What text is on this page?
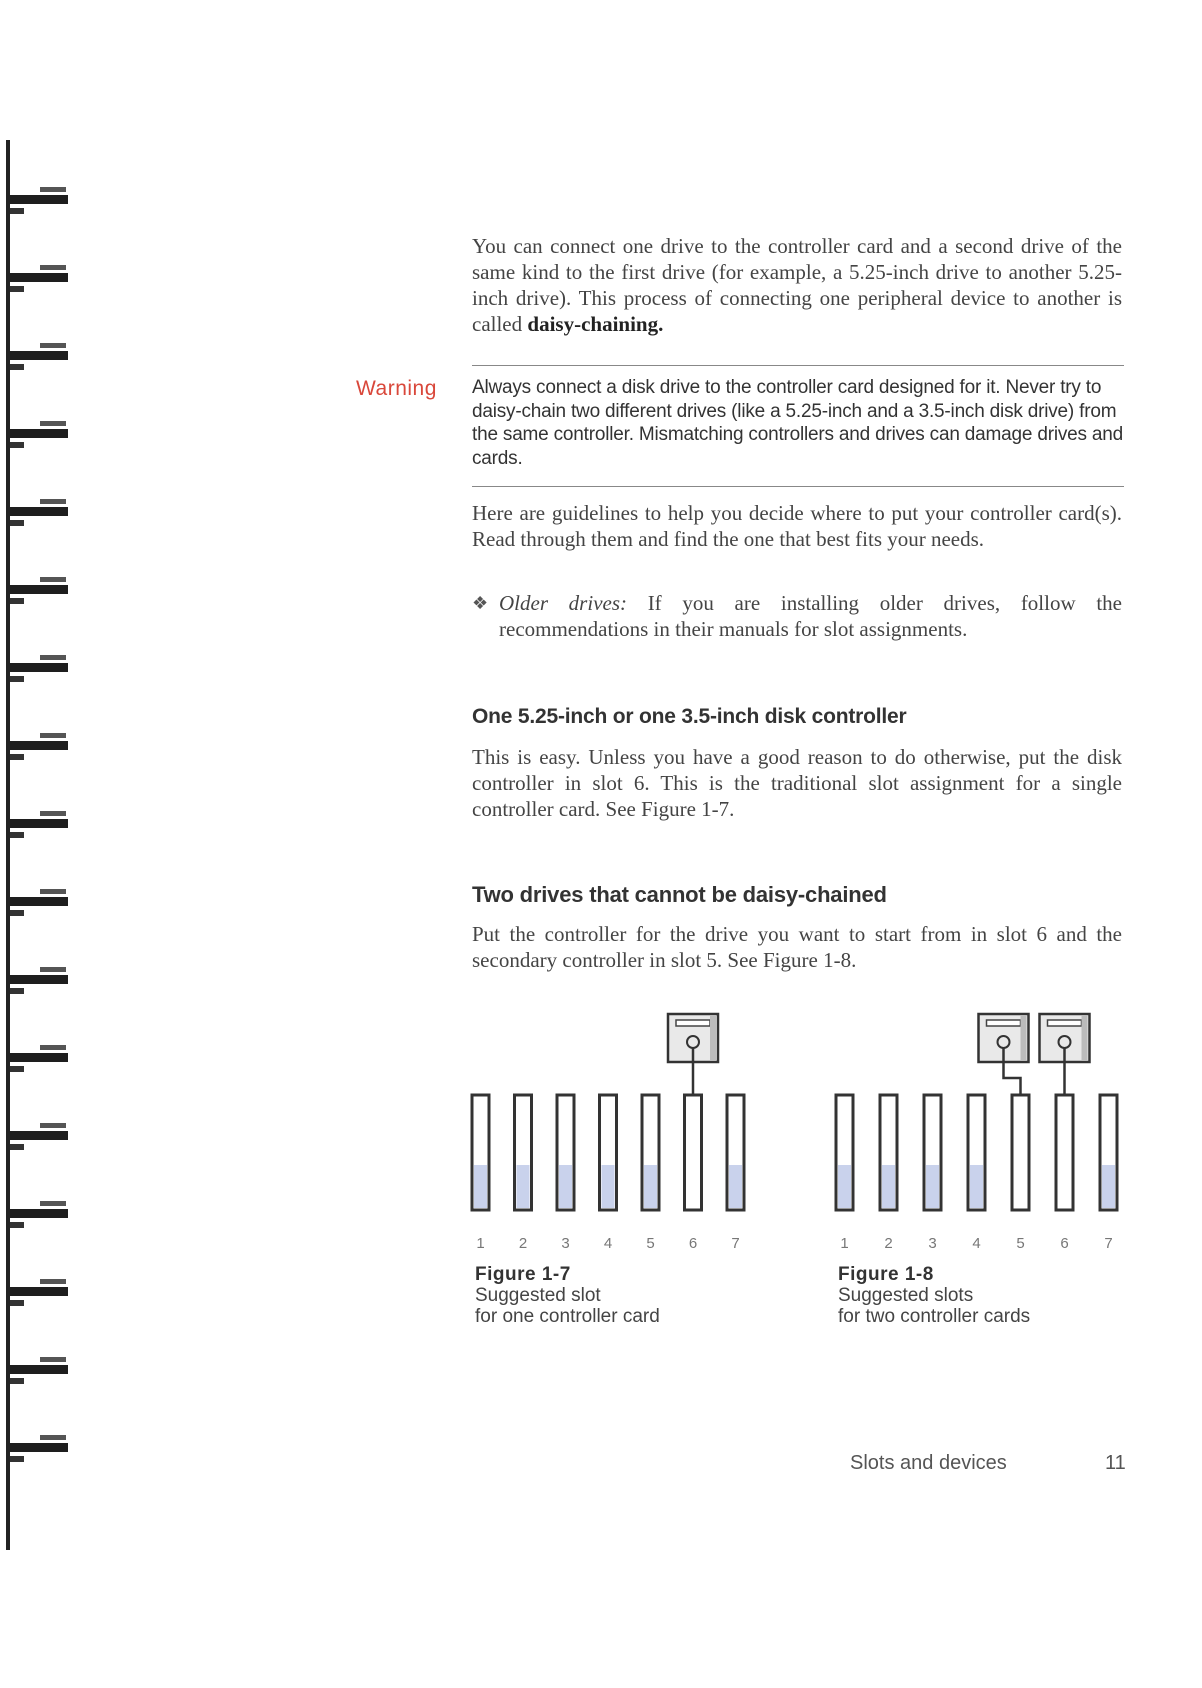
You can connect one drive to the controller card and a second drive of the same kind to the first drive (for example, a 5.25-inch drive to another 5.25-inch drive). This process of connecting one peripheral device to another is called daisy-chaining.
Warning Always connect a disk drive to the controller card designed for it. Never try to daisy-chain two different drives (like a 5.25-inch and a 3.5-inch disk drive) from the same controller. Mismatching controllers and drives can damage drives and cards.
Here are guidelines to help you decide where to put your controller card(s). Read through them and find the one that best fits your needs.
❖ Older drives: If you are installing older drives, follow the recommendations in their manuals for slot assignments.
One 5.25-inch or one 3.5-inch disk controller
This is easy. Unless you have a good reason to do otherwise, put the disk controller in slot 6. This is the traditional slot assignment for a single controller card. See Figure 1-7.
Two drives that cannot be daisy-chained
Put the controller for the drive you want to start from in slot 6 and the secondary controller in slot 5. See Figure 1-8.
1 2 3 4 5 6 7
Figure 1-7
Suggested slot
for one controller card
1 2 3 4 5 6 7
Figure 1-8
Suggested slots
for two controller cards
Slots and devices	11
